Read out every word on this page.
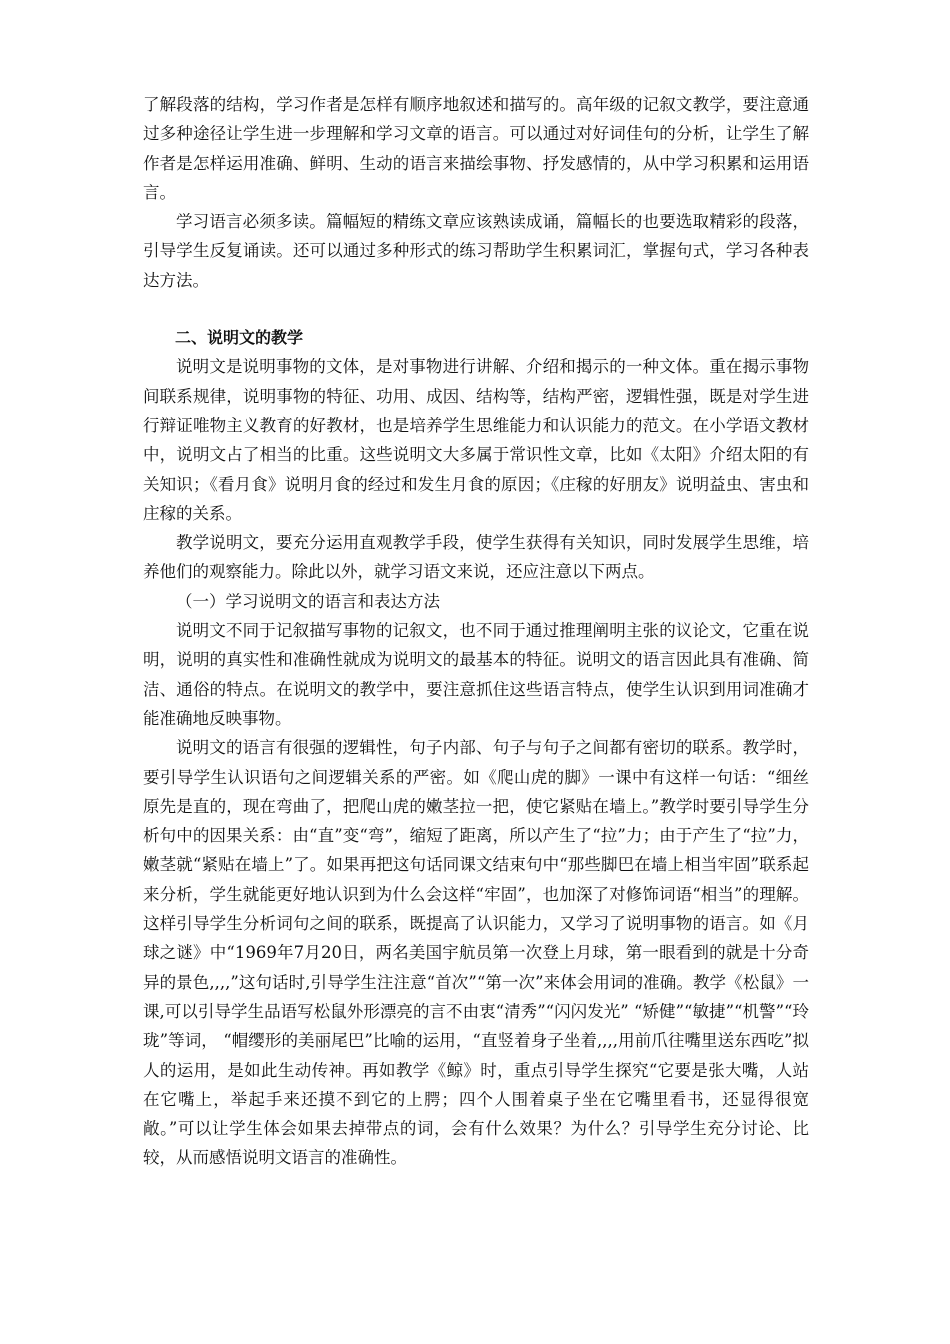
了解段落的结构，学习作者是怎样有顺序地叙述和描写的。高年级的记叙文教学，要注意通过多种途径让学生进一步理解和学习文章的语言。可以通过对好词佳句的分析，让学生了解作者是怎样运用准确、鲜明、生动的语言来描绘事物、抒发感情的，从中学习积累和运用语言。

学习语言必须多读。篇幅短的精练文章应该熟读成诵，篇幅长的也要选取精彩的段落，引导学生反复诵读。还可以通过多种形式的练习帮助学生积累词汇，掌握句式，学习各种表达方法。

二、说明文的教学

说明文是说明事物的文体，是对事物进行讲解、介绍和揭示的一种文体。重在揭示事物间联系规律，说明事物的特征、功用、成因、结构等，结构严密，逻辑性强，既是对学生进行辩证唯物主义教育的好教材，也是培养学生思维能力和认识能力的范文。在小学语文教材中，说明文占了相当的比重。这些说明文大多属于常识性文章，比如《太阳》介绍太阳的有关知识；《看月食》说明月食的经过和发生月食的原因；《庄稼的好朋友》说明益虫、害虫和庄稼的关系。

教学说明文，要充分运用直观教学手段，使学生获得有关知识，同时发展学生思维，培养他们的观察能力。除此以外，就学习语文来说，还应注意以下两点。

（一）学习说明文的语言和表达方法

说明文不同于记叙描写事物的记叙文，也不同于通过推理阐明主张的议论文，它重在说明，说明的真实性和准确性就成为说明文的最基本的特征。说明文的语言因此具有准确、简洁、通俗的特点。在说明文的教学中，要注意抓住这些语言特点，使学生认识到用词准确才能准确地反映事物。

说明文的语言有很强的逻辑性，句子内部、句子与句子之间都有密切的联系。教学时，要引导学生认识语句之间逻辑关系的严密。如《爬山虎的脚》一课中有这样一句话：“细丝原先是直的，现在弯曲了，把爬山虎的嫩茎拉一把，使它紧贴在墙上。”教学时要引导学生分析句中的因果关系：由“直”变“弯”，缩短了距离，所以产生了“拉”力；由于产生了“拉”力，嫩茎就“紧贴在墙上”了。如果再把这句话同课文结束句中“那些脚巴在墙上相当牢固”联系起来分析，学生就能更好地认识到为什么会这样“牢固”，也加深了对修饰词语“相当”的理解。这样引导学生分析词句之间的联系，既提高了认识能力，又学习了说明事物的语言。如《月球之谜》中“1969年7月20日，两名美国宇航员第一次登上月球，第一眼看到的就是十分奇异的景色,,,,”这句话时,引导学生注注意“首次”“第一次”来体会用词的准确。教学《松鼠》一课,可以引导学生品语写松鼠外形漂亮的言不由衷“清秀”“闪闪发光” “矫健”“敏捷”“机警”“玲珑”等词， “帽缨形的美丽尾巴”比喻的运用，“直竖着身子坐着,,,,用前爪往嘴里送东西吃”拟人的运用，是如此生动传神。再如教学《鲸》时，重点引导学生探究“它要是张大嘴，人站在它嘴上，举起手来还摸不到它的上腭；四个人围着桌子坐在它嘴里看书，还显得很宽敞。”可以让学生体会如果去掉带点的词，会有什么效果？为什么？引导学生充分讨论、比较，从而感悟说明文语言的准确性。
